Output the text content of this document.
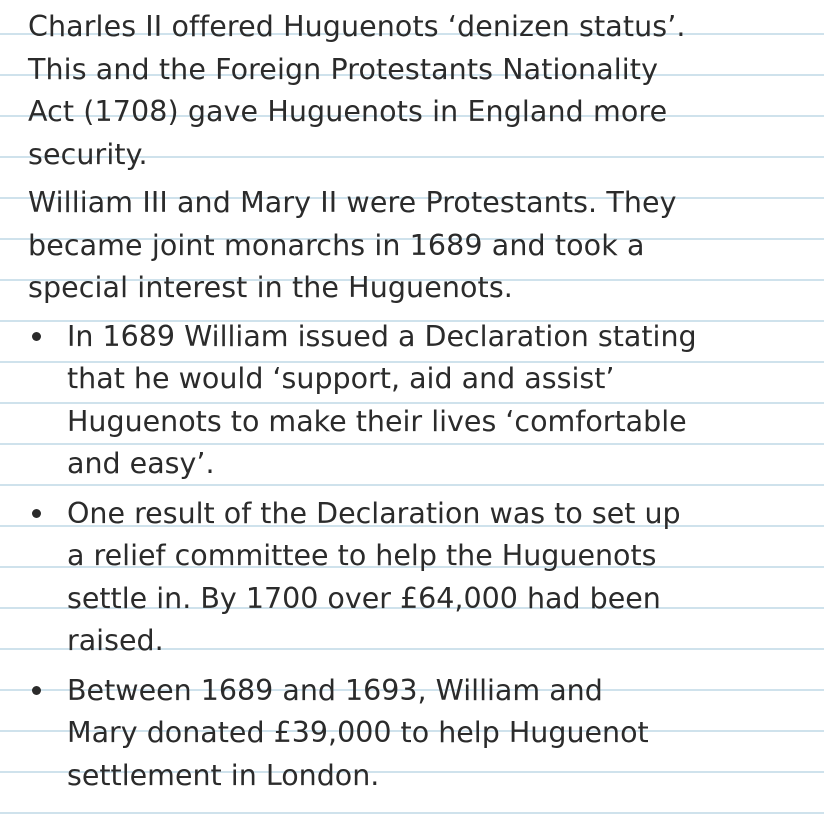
Charles II offered Huguenots ‘denizen status’.
This and the Foreign Protestants Nationality
Act (1708) gave Huguenots in England more
security.

William III and Mary II were Protestants. They
became joint monarchs in 1689 and took a
special interest in the Huguenots.

In 1689 William issued a Declaration stating
that he would ‘support, aid and assist’
Huguenots to make their lives ‘comfortable
and easy’.
One result of the Declaration was to set up
a relief committee to help the Huguenots
settle in. By 1700 over £64,000 had been
raised.
Between 1689 and 1693, William and
Mary donated £39,000 to help Huguenot
settlement in London.
